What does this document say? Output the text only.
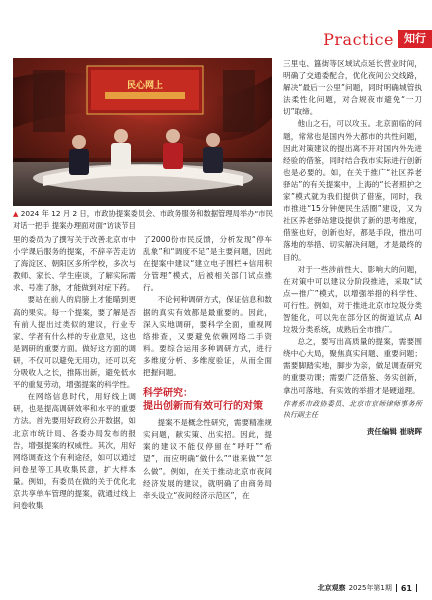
Practice 知行
民心网上
▲ 2024 年 12 月 2 日，市政协提案委员会、市政务服务和数据管理局举办“市民对话一把手 提案办理面对面”访谈节目

里的委员为了撰写关于改善北京市中小学课后服务的提案，不辞辛苦走访了海淀区、朝阳区多所学校，多次与教师、家长、学生座谈，了解实际需求、号准了脉，才能做到对症下药。

要站在前人的肩膀上才能瞄到更高的果实。每一个提案，要了解是否有前人提出过类似的建议，行业专家、学者有什么样的专业意见，这也是调研的重要方面。做好这方面的调研，不仅可以避免无用功，还可以充分吸收人之长，推陈出新，避免低水平的重复劳动，增强提案的科学性。

在网络信息时代，用好线上调研，也是提高调研效率和水平的重要方法。首先要用好政府公开数据，如北京市统计局、各委办局发布的报告，增强提案的权威性。其次，用好网络调查这个有利途径，如可以通过问卷星等工具收集民意，扩大样本量。例如，有委员在做的关于优化北京共享单车管理的提案，就通过线上问卷收集

了2000份市民反馈，分析发现“停车乱象”和“调度不足”是主要问题，因此在提案中建议“建立电子围栏+信用积分管理”模式，后被相关部门试点推行。

不论何种调研方式，保证信息和数据的真实有效都是最重要的。因此，深入实地调研，要科学全面，重视网络排查，又要避免依赖网络二手资料。要综合运用多种调研方式，进行多维度分析、多维度验证，从而全面把握问题。

科学研究：
提出创新而有效可行的对策

提案不是概念性研究，需要精准规实问题，献实策、出实招。因此，提案的建议不能仅停留在“呼吁”“希望”，而应明确“做什么”“谁来做”“怎么做”。例如，在关于推动北京市夜间经济发展的建议，就明确了由商务局牵头设立“夜间经济示范区”，在

三里屯、簋街等区域试点延长营业时间，明确了交通委配合，优化夜间公交线路，解决“最后一公里”问题，同时明确城管执法柔性化问题，对合规夜市避免“一刀切”取缔。

他山之石，可以攻玉。北京面临的问题，常常也是国内外大都市的共性问题，因此对策建议的提出离不开对国内外先进经验的借鉴，同时结合我市实际进行创新也是必要的。如，在关于推广“社区养老驿站”的有关提案中，上海的“长者照护之家”模式就为我们提供了借鉴，同时，我市推进“15分钟便民生活圈”建设，又为社区养老驿站建设提供了新的思考维度，借鉴也好，创新也好，都是手段，推出可落地的举措、切实解决问题，才是最终的目的。

对于一些涉前性大、影响大的问题，在对策中可以建议分阶段推进，采取“试点—推广”模式，以增强举措的科学性、可行性。例如，对于推进北京市垃圾分类智能化，可以先在部分区的街道试点 AI 垃圾分类系统，成熟后全市推广。

总之，要写出高质量的提案，需要围绕中心大局，聚焦真实问题、重要问题；需要脚踏实地，脚步为亲，做足调查研究的重要功课；需要广泛借鉴、务实创新，拿出可落地、有实效的举措才是硬道理。

作者系市政协委员、北京市京师律师事务所执行副主任
责任编辑 崔晓晖
北京观察 2025年第1期 61
